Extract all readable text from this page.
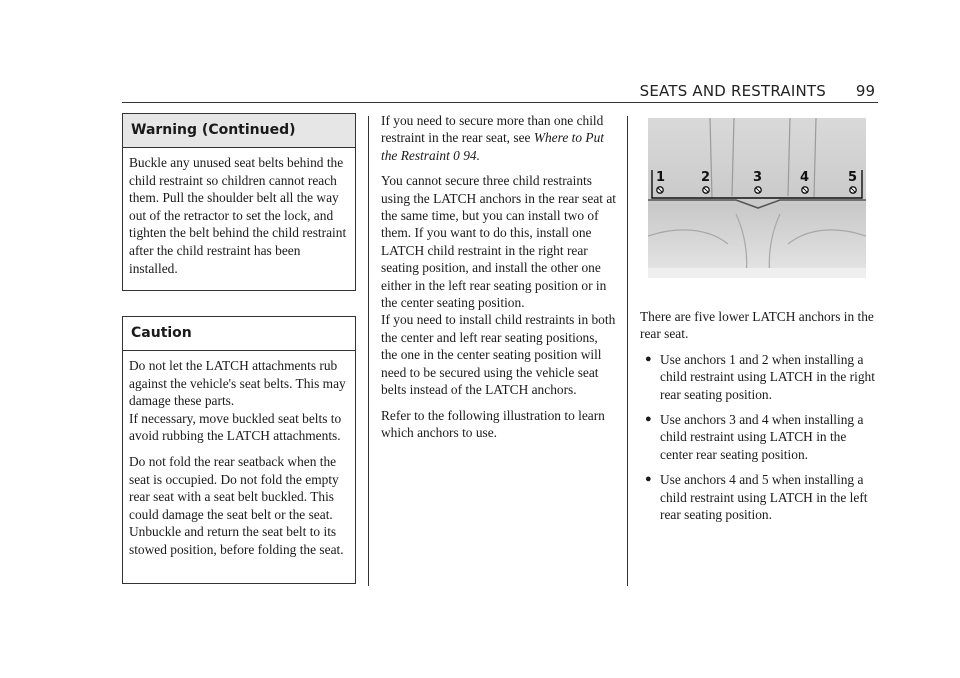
SEATS AND RESTRAINTS 99
Warning (Continued)

Buckle any unused seat belts behind the child restraint so children cannot reach them. Pull the shoulder belt all the way out of the retractor to set the lock, and tighten the belt behind the child restraint after the child restraint has been installed.

Caution

Do not let the LATCH attachments rub against the vehicle's seat belts. This may damage these parts.

If necessary, move buckled seat belts to avoid rubbing the LATCH attachments.

Do not fold the rear seatback when the seat is occupied. Do not fold the empty rear seat with a seat belt buckled. This could damage the seat belt or the seat. Unbuckle and return the seat belt to its stowed position, before folding the seat.

If you need to secure more than one child restraint in the rear seat, see Where to Put the Restraint 0 94.

You cannot secure three child restraints using the LATCH anchors in the rear seat at the same time, but you can install two of them. If you want to do this, install one LATCH child restraint in the right rear seating position, and install the other one either in the left rear seating position or in the center seating position.

If you need to install child restraints in both the center and left rear seating positions, the one in the center seating position will need to be secured using the vehicle seat belts instead of the LATCH anchors.

Refer to the following illustration to learn which anchors to use.

1	2	3	4	5

There are five lower LATCH anchors in the rear seat.

● Use anchors 1 and 2 when installing a child restraint using LATCH in the right rear seating position.
● Use anchors 3 and 4 when installing a child restraint using LATCH in the center rear seating position.
● Use anchors 4 and 5 when installing a child restraint using LATCH in the left rear seating position.
